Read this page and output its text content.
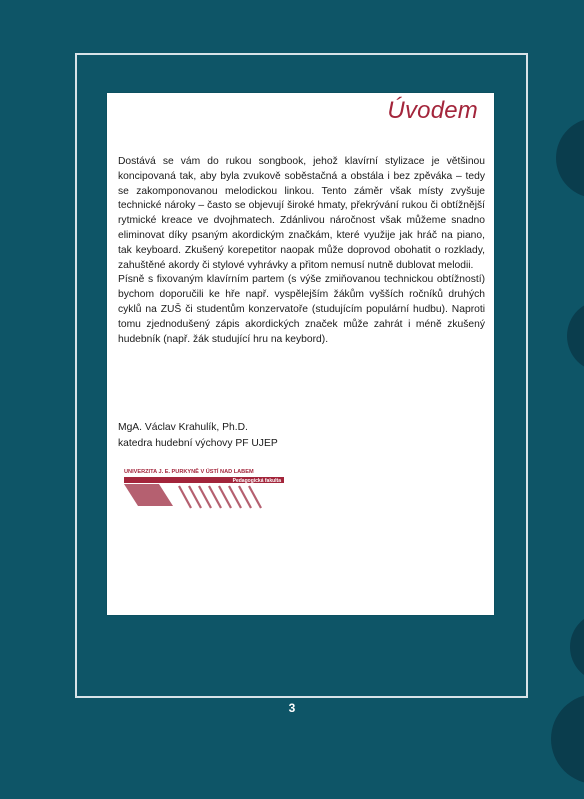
Úvodem

Dostává se vám do rukou songbook, jehož klavírní stylizace je většinou koncipovaná tak, aby byla zvukově soběstačná a obstála i bez zpěváka – tedy se zakomponovanou melodickou linkou. Tento záměr však místy zvyšuje technické nároky – často se objevují široké hmaty, překrývání rukou či obtížnější rytmické kreace ve dvojhmatech. Zdánlivou náročnost však můžeme snadno eliminovat díky psaným akordickým značkám, které využije jak hráč na piano, tak keyboard. Zkušený korepetitor naopak může doprovod obohatit o rozklady, zahuštěné akordy či stylové vyhrávky a přitom nemusí nutně dublovat melodii.

Písně s fixovaným klavírním partem (s výše zmiňovanou technickou obtížností) bychom doporučili ke hře např. vyspělejším žákům vyšších ročníků druhých cyklů na ZUŠ či studentům konzervatoře (studujícím populární hudbu). Naproti tomu zjednodušený zápis akordických značek může zahrát i méně zkušený hudebník (např. žák studující hru na keybord).

MgA. Václav Krahulík, Ph.D.
katedra hudební výchovy PF UJEP
UNIVERZITA J. E. PURKYNĚ V ÚSTÍ NAD LABEM
Pedagogická fakulta
3
